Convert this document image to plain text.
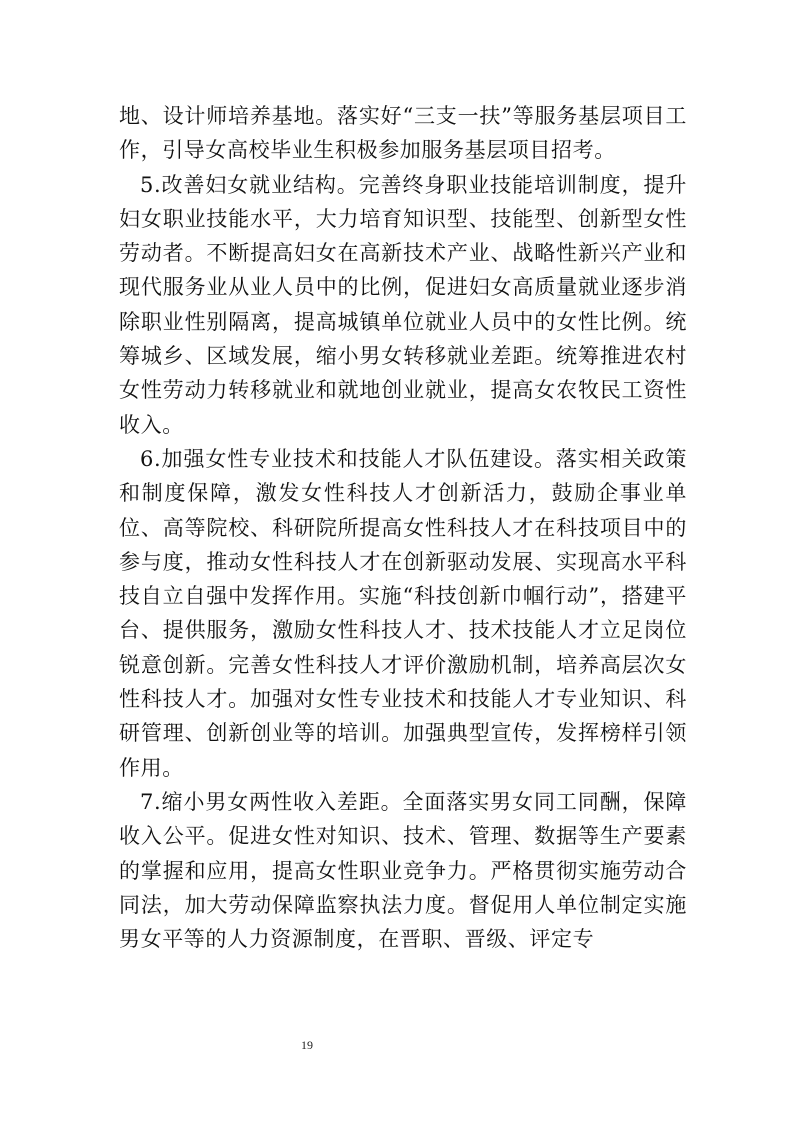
地、设计师培养基地。落实好“三支一扶”等服务基层项目工作，引导女高校毕业生积极参加服务基层项目招考。

5.改善妇女就业结构。完善终身职业技能培训制度，提升妇女职业技能水平，大力培育知识型、技能型、创新型女性劳动者。不断提高妇女在高新技术产业、战略性新兴产业和现代服务业从业人员中的比例，促进妇女高质量就业逐步消除职业性别隔离，提高城镇单位就业人员中的女性比例。统筹城乡、区域发展，缩小男女转移就业差距。统筹推进农村女性劳动力转移就业和就地创业就业，提高女农牧民工资性收入。

6.加强女性专业技术和技能人才队伍建设。落实相关政策和制度保障，激发女性科技人才创新活力，鼓励企事业单位、高等院校、科研院所提高女性科技人才在科技项目中的参与度，推动女性科技人才在创新驱动发展、实现高水平科技自立自强中发挥作用。实施“科技创新巾帼行动”，搭建平台、提供服务，激励女性科技人才、技术技能人才立足岗位锐意创新。完善女性科技人才评价激励机制，培养高层次女性科技人才。加强对女性专业技术和技能人才专业知识、科研管理、创新创业等的培训。加强典型宣传，发挥榜样引领作用。

7.缩小男女两性收入差距。全面落实男女同工同酬，保障收入公平。促进女性对知识、技术、管理、数据等生产要素的掌握和应用，提高女性职业竞争力。严格贯彻实施劳动合同法，加大劳动保障监察执法力度。督促用人单位制定实施男女平等的人力资源制度，在晋职、晋级、评定专

19
